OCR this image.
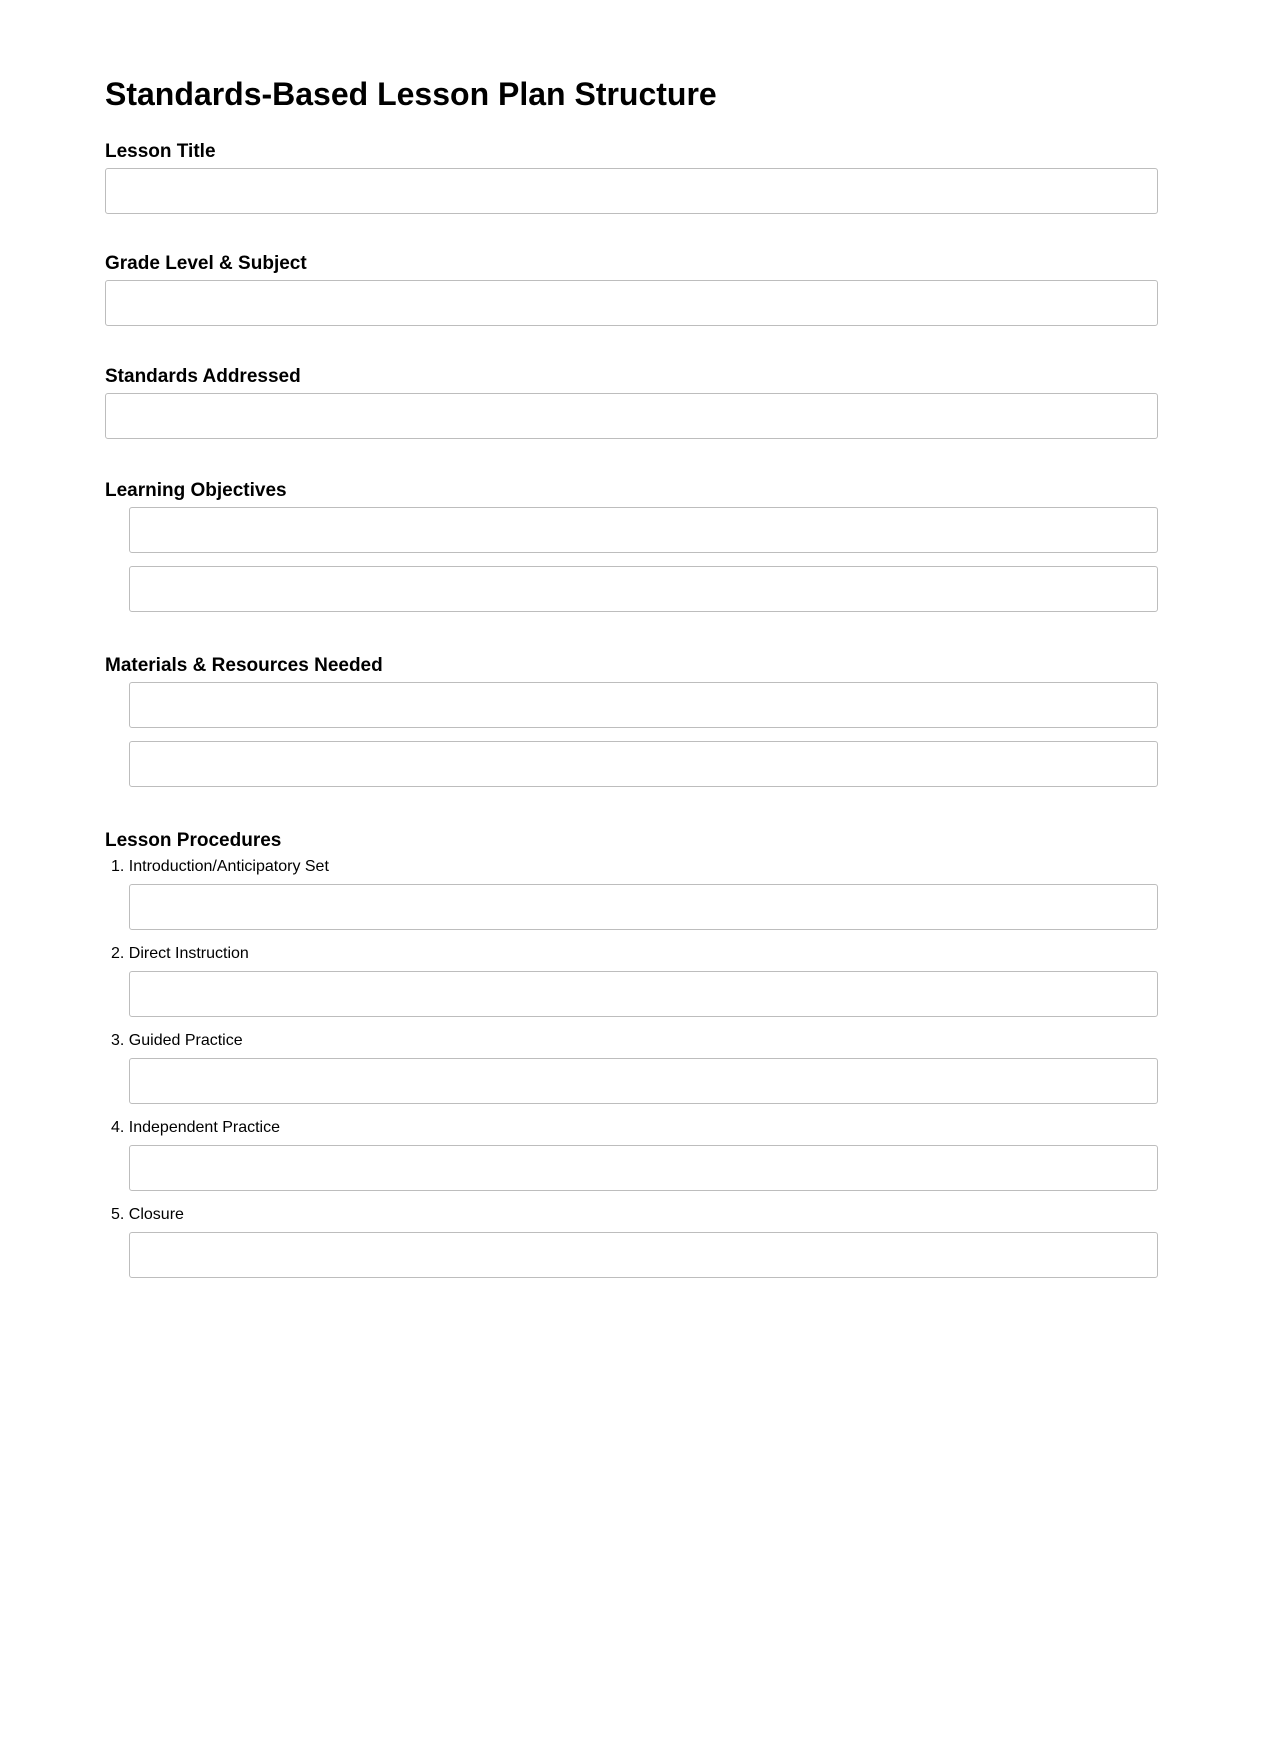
Standards-Based Lesson Plan Structure
Lesson Title
Grade Level & Subject
Standards Addressed
Learning Objectives
Materials & Resources Needed
Lesson Procedures
1. Introduction/Anticipatory Set
2. Direct Instruction
3. Guided Practice
4. Independent Practice
5. Closure
